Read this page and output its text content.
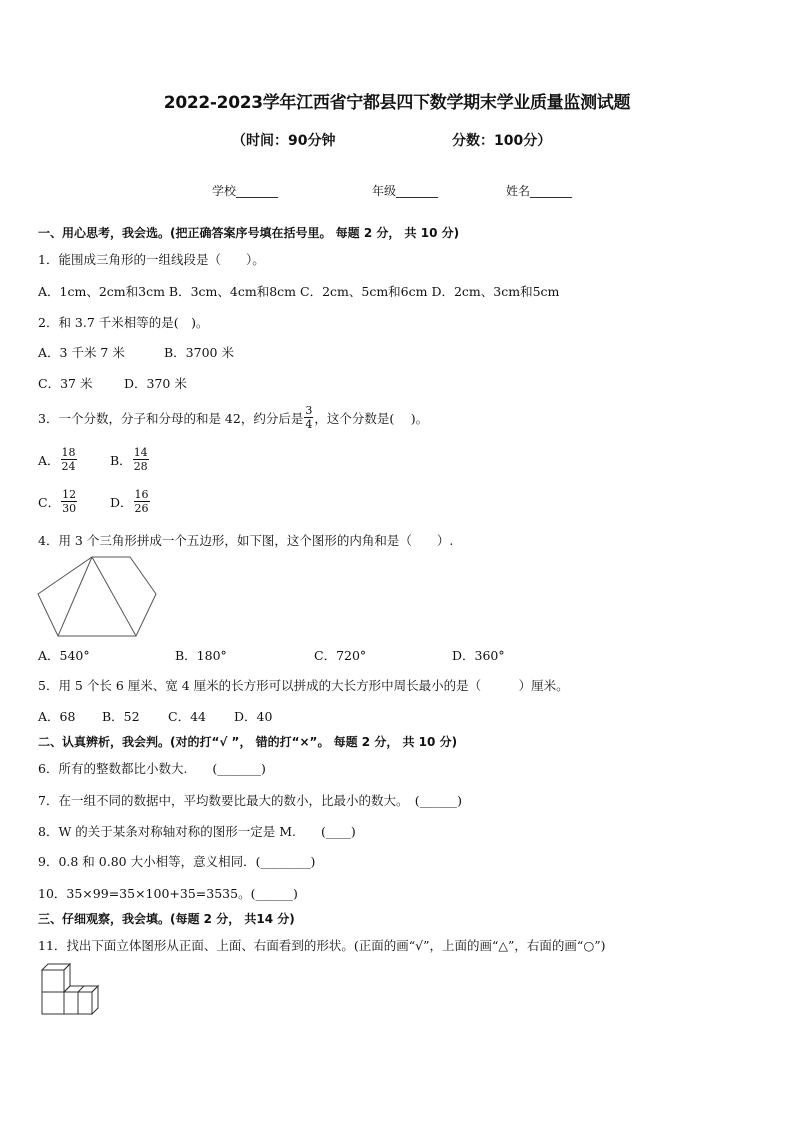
2022-2023学年江西省宁都县四下数学期末学业质量监测试题
（时间：90分钟	分数：100分）
学校_______	年级_______	姓名_______
一、用心思考，我会选。(把正确答案序号填在括号里。 每题 2 分， 共 10 分)
1．能围成三角形的一组线段是（　　）。
A．1cm、2cm和3cm B．3cm、4cm和8cm C．2cm、5cm和6cm D．2cm、3cm和5cm
2．和 3.7 千米相等的是(　)。
A．3 千米 7 米	B．3700 米
C．37 米	D．370 米
3．一个分数，分子和分母的和是 42，约分后是 $\frac{3}{4}$ ，这个分数是(　 )。
A． $\frac{18}{24}$	B． $\frac{14}{28}$
C． $\frac{12}{30}$	D． $\frac{16}{26}$
4．用 3 个三角形拼成一个五边形，如下图，这个图形的内角和是（　　）.
A．540°	B．180°	C．720°	D．360°
5．用 5 个长 6 厘米、宽 4 厘米的长方形可以拼成的大长方形中周长最小的是（　　　）厘米。
A．68 B．52 C．44 D．40
二、认真辨析，我会判。(对的打“√ ”， 错的打“×”。 每题 2 分， 共 10 分)
6．所有的整数都比小数大.　　(_______)
7．在一组不同的数据中，平均数要比最大的数小，比最小的数大。　(______)
8．W 的关于某条对称轴对称的图形一定是 M.　　(____)
9．0.8 和 0.80 大小相等，意义相同．(________)
10．35×99=35×100+35=3535。(______)
三、仔细观察，我会填。(每题 2 分， 共14 分)
11．找出下面立体图形从正面、上面、右面看到的形状。(正面的画“√”，上面的画“△”，右面的画“○”)
